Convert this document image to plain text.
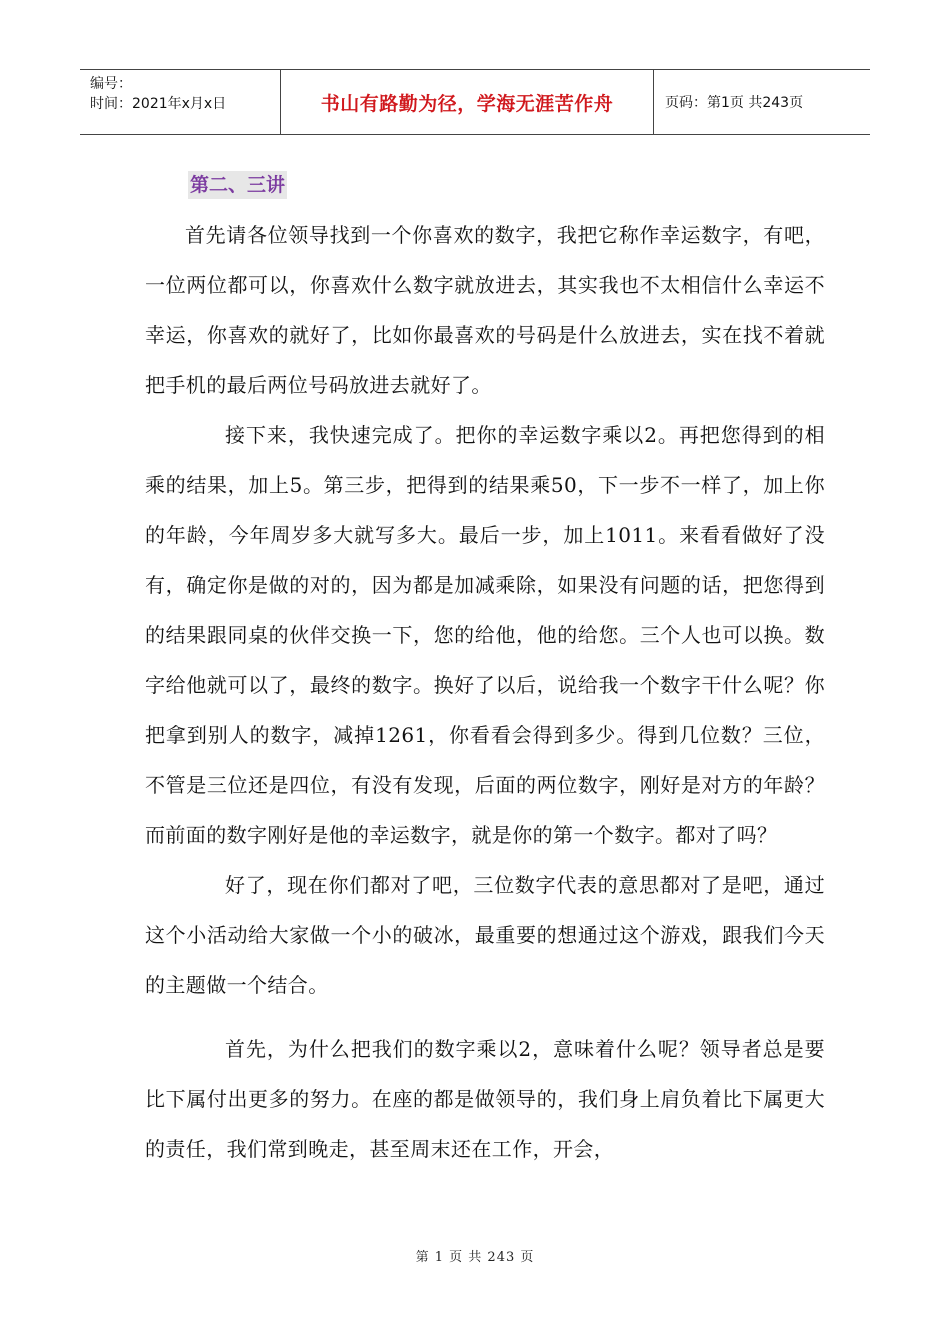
编号：
时间：2021年x月x日	书山有路勤为径，学海无涯苦作舟	页码：第1页 共243页
第二、三讲

首先请各位领导找到一个你喜欢的数字，我把它称作幸运数字，有吧，一位两位都可以，你喜欢什么数字就放进去，其实我也不太相信什么幸运不幸运，你喜欢的就好了，比如你最喜欢的号码是什么放进去，实在找不着就把手机的最后两位号码放进去就好了。

接下来，我快速完成了。把你的幸运数字乘以2。再把您得到的相乘的结果，加上5。第三步，把得到的结果乘50，下一步不一样了，加上你的年龄，今年周岁多大就写多大。最后一步，加上1011。来看看做好了没有，确定你是做的对的，因为都是加减乘除，如果没有问题的话，把您得到的结果跟同桌的伙伴交换一下，您的给他，他的给您。三个人也可以换。数字给他就可以了，最终的数字。换好了以后，说给我一个数字干什么呢？你把拿到别人的数字，减掉1261，你看看会得到多少。得到几位数？三位，不管是三位还是四位，有没有发现，后面的两位数字，刚好是对方的年龄？而前面的数字刚好是他的幸运数字，就是你的第一个数字。都对了吗？

好了，现在你们都对了吧，三位数字代表的意思都对了是吧，通过这个小活动给大家做一个小的破冰，最重要的想通过这个游戏，跟我们今天的主题做一个结合。

首先，为什么把我们的数字乘以2，意味着什么呢？领导者总是要比下属付出更多的努力。在座的都是做领导的，我们身上肩负着比下属更大的责任，我们常到晚走，甚至周末还在工作，开会，

第 1 页 共 243 页
